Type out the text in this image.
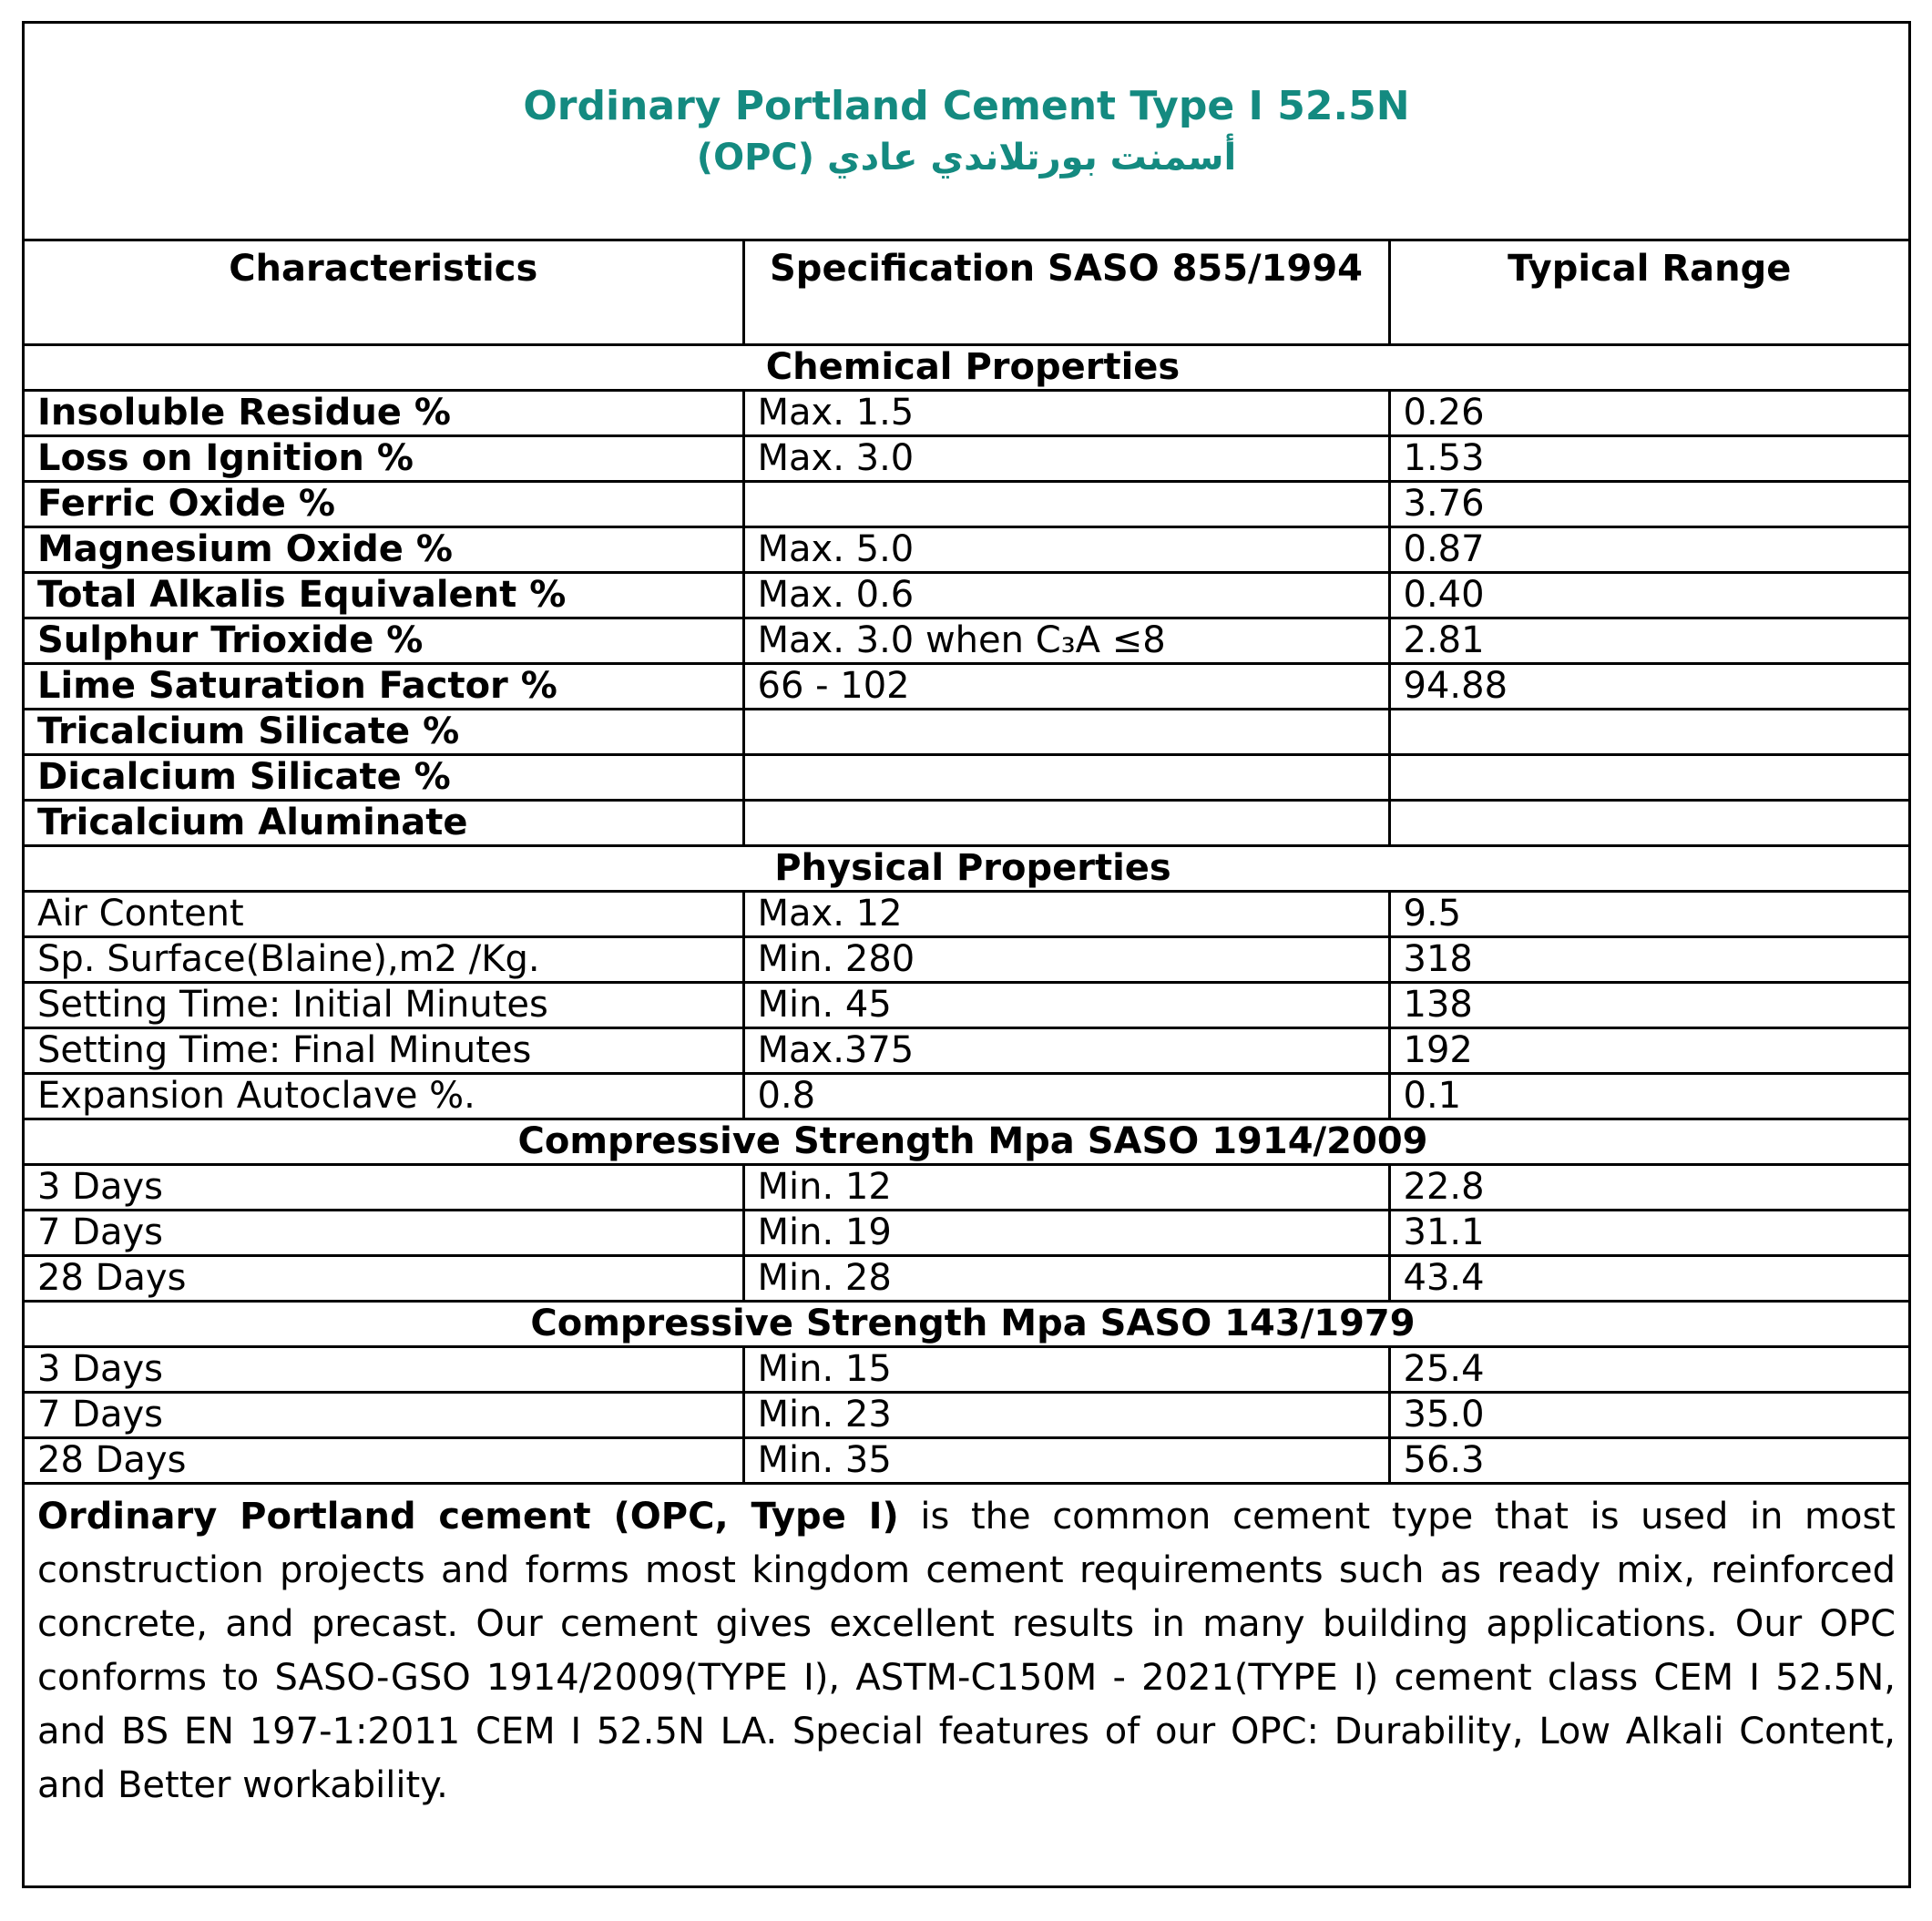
Ordinary Portland Cement Type I 52.5N
أسمنت بورتلاندي عادي (OPC)
Characteristics	Specification SASO 855/1994	Typical Range
Chemical Properties		
Insoluble Residue %	Max. 1.5	0.26
Loss on Ignition %	Max. 3.0	1.53
Ferric Oxide %		3.76
Magnesium Oxide %	Max. 5.0	0.87
Total Alkalis Equivalent %	Max. 0.6	0.40
Sulphur Trioxide %	Max. 3.0 when C₃A ≤8	2.81
Lime Saturation Factor %	66 - 102	94.88
Tricalcium Silicate %		
Dicalcium Silicate %		
Tricalcium Aluminate		
Physical Properties		
Air Content	Max. 12	9.5
Sp. Surface(Blaine),m2 /Kg.	Min. 280	318
Setting Time: Initial Minutes	Min. 45	138
Setting Time: Final Minutes	Max.375	192
Expansion Autoclave %.	0.8	0.1
Compressive Strength Mpa SASO 1914/2009		
3 Days	Min. 12	22.8
7 Days	Min. 19	31.1
28 Days	Min. 28	43.4
Compressive Strength Mpa SASO 143/1979		
3 Days	Min. 15	25.4
7 Days	Min. 23	35.0
28 Days	Min. 35	56.3
Ordinary Portland cement (OPC, Type I) is the common cement type that is used in most construction projects and forms most kingdom cement requirements such as ready mix, reinforced concrete, and precast. Our cement gives excellent results in many building applications. Our OPC conforms to SASO-GSO 1914/2009(TYPE I), ASTM-C150M - 2021(TYPE I) cement class CEM I 52.5N, and BS EN 197-1:2011 CEM I 52.5N LA. Special features of our OPC: Durability, Low Alkali Content, and Better workability.
